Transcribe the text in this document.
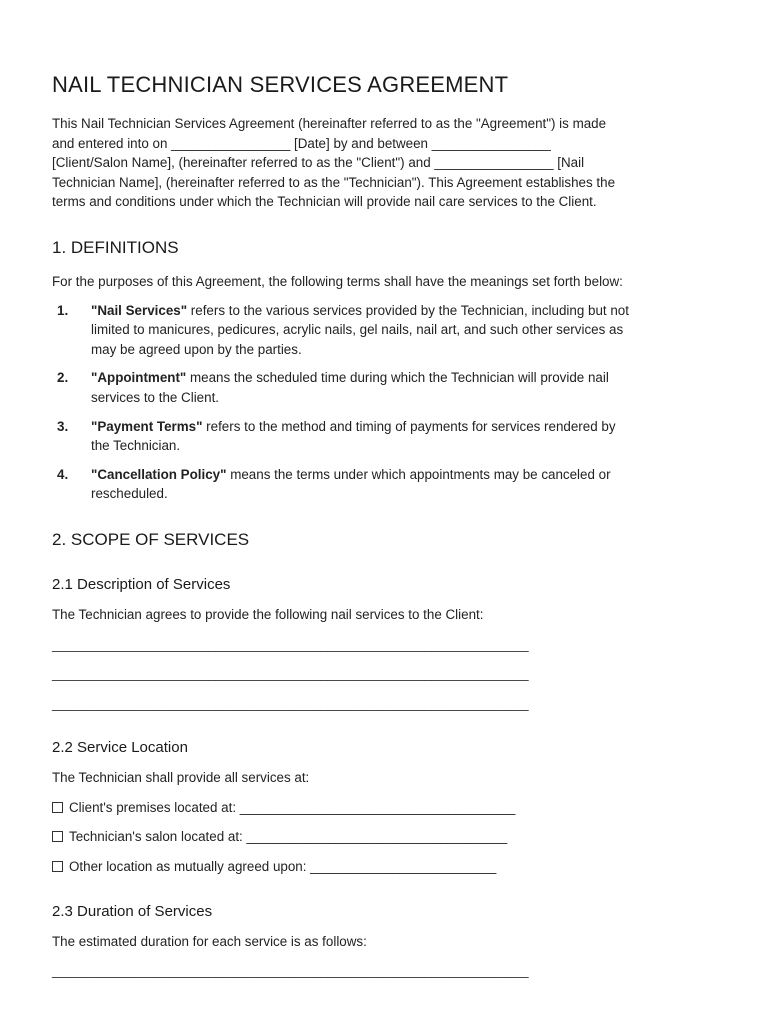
NAIL TECHNICIAN SERVICES AGREEMENT

This Nail Technician Services Agreement (hereinafter referred to as the "Agreement") is made

and entered into on ________________ [Date] by and between ________________

[Client/Salon Name], (hereinafter referred to as the "Client") and ________________ [Nail

Technician Name], (hereinafter referred to as the "Technician"). This Agreement establishes the

terms and conditions under which the Technician will provide nail care services to the Client.

1. DEFINITIONS

For the purposes of this Agreement, the following terms shall have the meanings set forth below:

1. "Nail Services" refers to the various services provided by the Technician, including but not
limited to manicures, pedicures, acrylic nails, gel nails, nail art, and such other services as
may be agreed upon by the parties.
2. "Appointment" means the scheduled time during which the Technician will provide nail
services to the Client.
3. "Payment Terms" refers to the method and timing of payments for services rendered by
the Technician.
4. "Cancellation Policy" means the terms under which appointments may be canceled or
rescheduled.
2. SCOPE OF SERVICES
2.1 Description of Services

The Technician agrees to provide the following nail services to the Client:

________________________________________________________________

________________________________________________________________

________________________________________________________________

2.2 Service Location

The Technician shall provide all services at:

Client's premises located at: _____________________________________

Technician's salon located at: ___________________________________

Other location as mutually agreed upon: _________________________

2.3 Duration of Services

The estimated duration for each service is as follows:

________________________________________________________________
